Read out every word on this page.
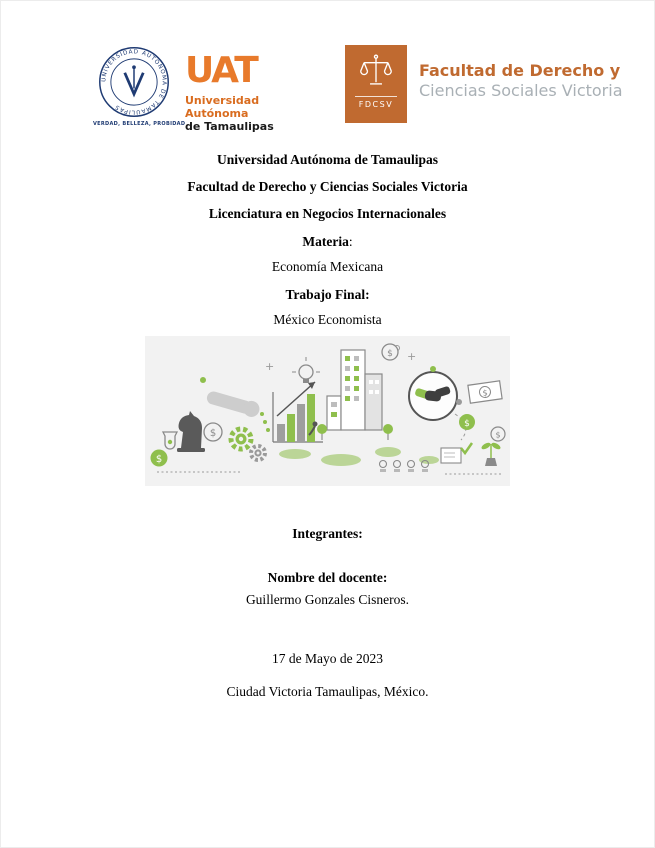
UNIVERSIDAD AUTÓNOMA DE TAMAULIPAS
VERDAD, BELLEZA, PROBIDAD
UAT
Universidad Autónoma
de Tamaulipas
FDCSV
Facultad de Derecho y
Ciencias Sociales Victoria

Universidad Autónoma de Tamaulipas

Facultad de Derecho y Ciencias Sociales Victoria

Licenciatura en Negocios Internacionales

Materia:

Economía Mexicana

Trabajo Final:

México Economista

$
$
+
+
$
$
$
$

Integrantes:

Nombre del docente:

Guillermo Gonzales Cisneros.

17 de Mayo de 2023

Ciudad Victoria Tamaulipas, México.
